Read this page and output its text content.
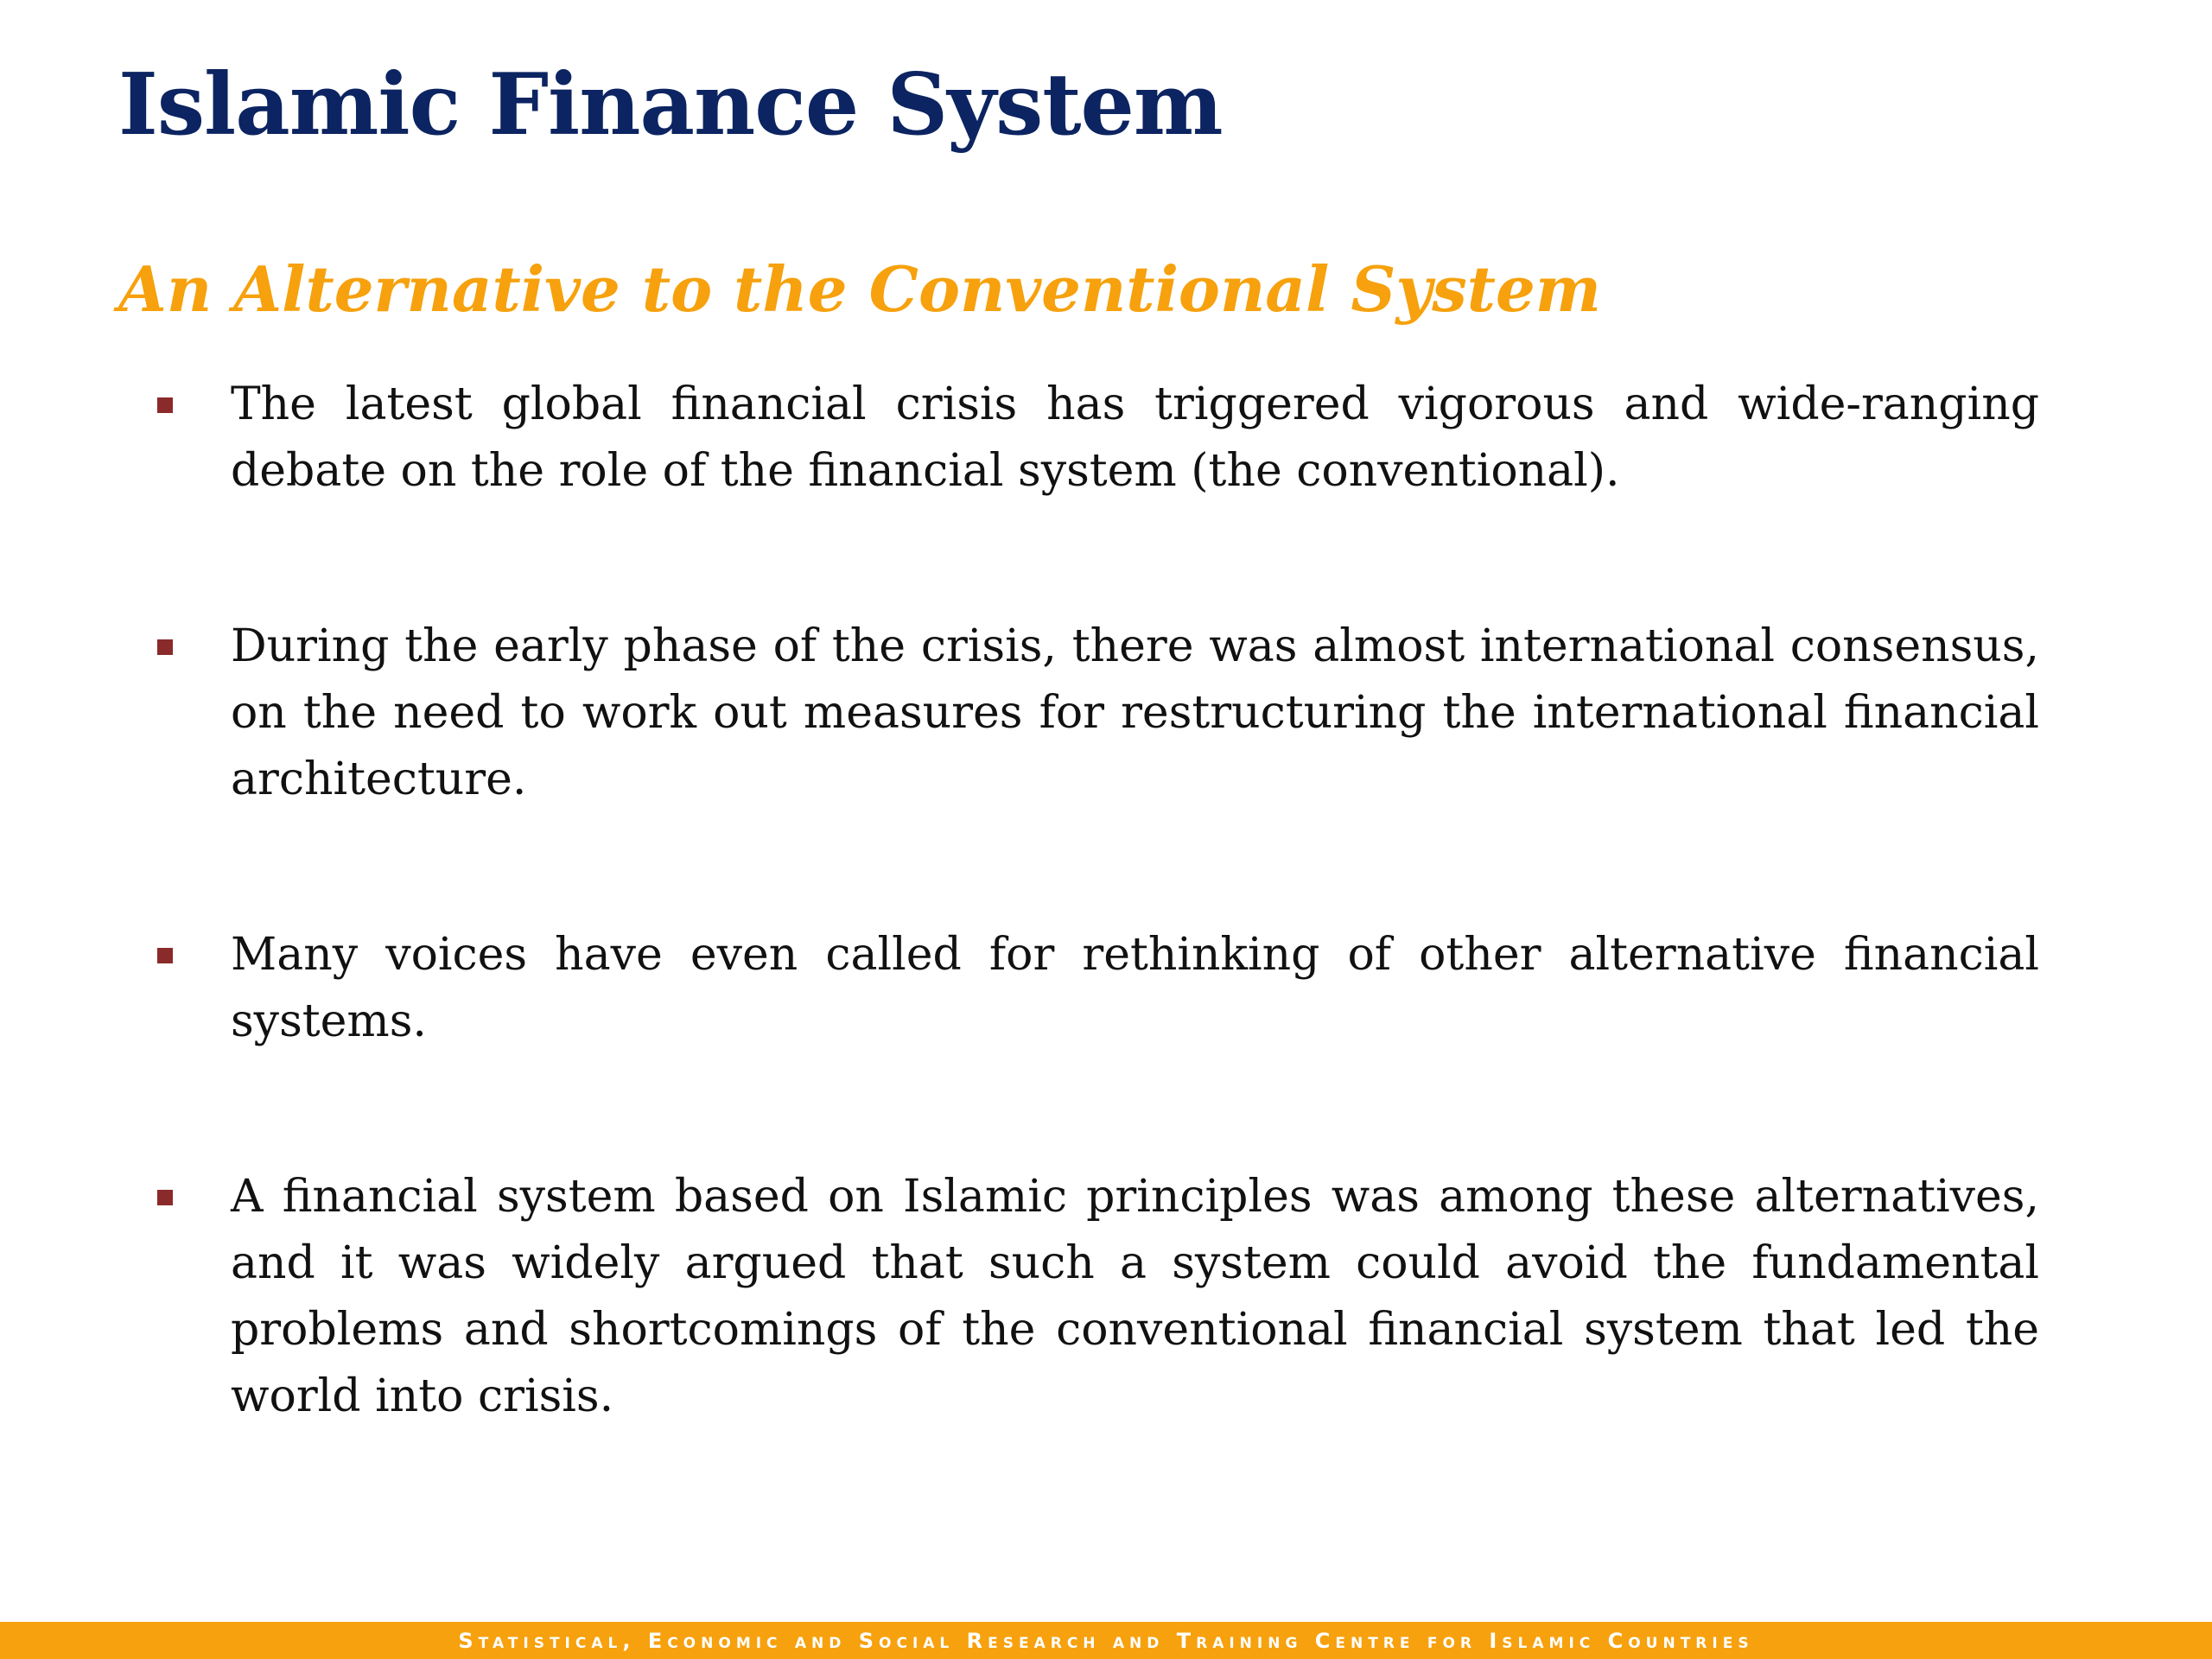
Islamic Finance System
An Alternative to the Conventional System

The latest global financial crisis has triggered vigorous and wide-ranging debate on the role of the financial system (the conventional).

During the early phase of the crisis, there was almost international consensus, on the need to work out measures for restructuring the international financial architecture.

Many voices have even called for rethinking of other alternative financial systems.

A financial system based on Islamic principles was among these alternatives, and it was widely argued that such a system could avoid the fundamental problems and shortcomings of the conventional financial system that led the world into crisis.

Statistical, Economic and Social Research and Training Centre for Islamic Countries
